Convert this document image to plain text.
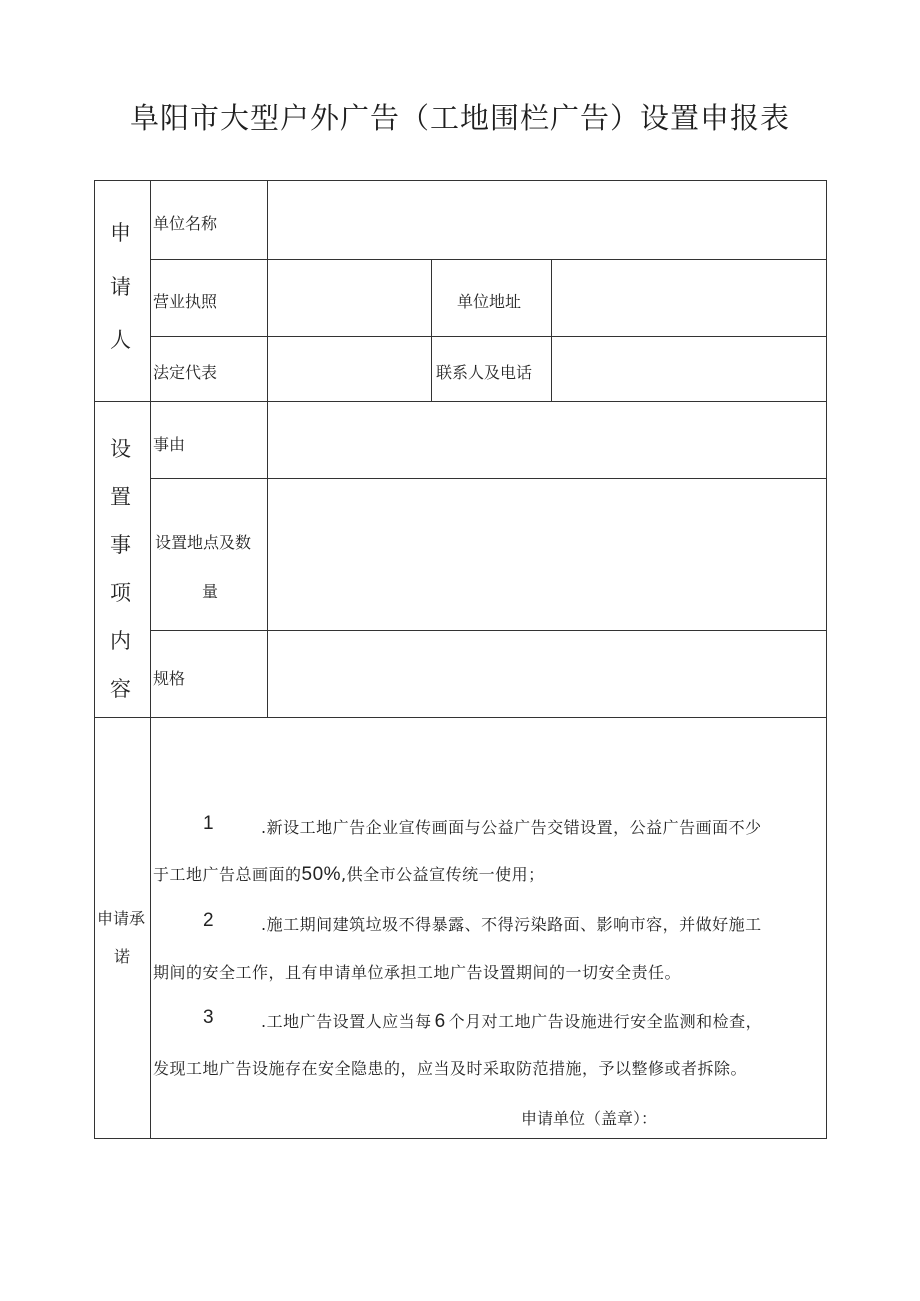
阜阳市大型户外广告（工地围栏广告）设置申报表
申
请
人
单位名称
营业执照	单位地址
法定代表	联系人及电话
设
置
事
项
内
容
事由
设置地点及数
量
规格
申请承
诺
1	.新设工地广告企业宣传画面与公益广告交错设置，公益广告画面不少
于工地广告总画面的50%,供全市公益宣传统一使用；
2	.施工期间建筑垃圾不得暴露、不得污染路面、影响市容，并做好施工
期间的安全工作，且有申请单位承担工地广告设置期间的一切安全责任。
3	.工地广告设置人应当每 6 个月对工地广告设施进行安全监测和检查，
发现工地广告设施存在安全隐患的，应当及时采取防范措施，予以整修或者拆除。
申请单位（盖章）：
